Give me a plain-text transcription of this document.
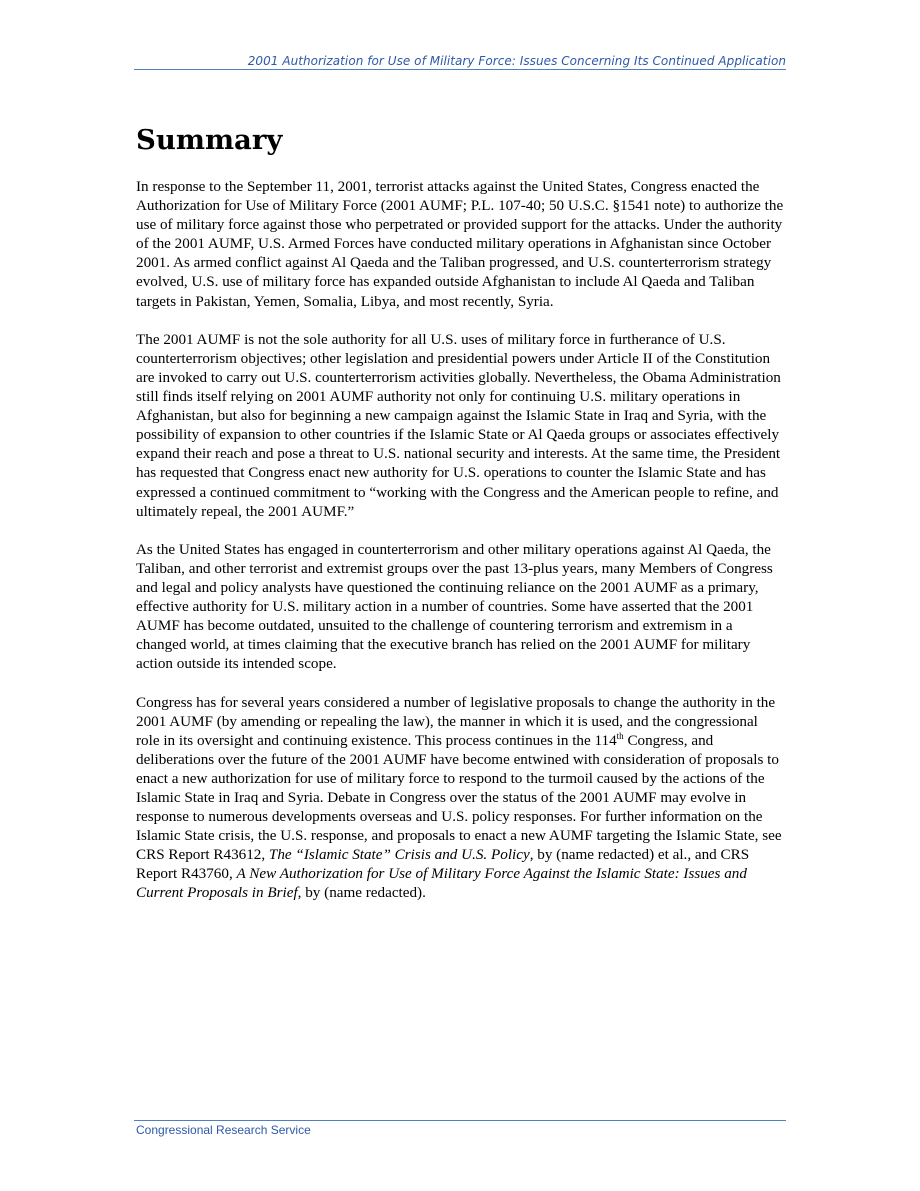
2001 Authorization for Use of Military Force: Issues Concerning Its Continued Application
Summary

In response to the September 11, 2001, terrorist attacks against the United States, Congress enacted the Authorization for Use of Military Force (2001 AUMF; P.L. 107-40; 50 U.S.C. §1541 note) to authorize the use of military force against those who perpetrated or provided support for the attacks. Under the authority of the 2001 AUMF, U.S. Armed Forces have conducted military operations in Afghanistan since October 2001. As armed conflict against Al Qaeda and the Taliban progressed, and U.S. counterterrorism strategy evolved, U.S. use of military force has expanded outside Afghanistan to include Al Qaeda and Taliban targets in Pakistan, Yemen, Somalia, Libya, and most recently, Syria.

The 2001 AUMF is not the sole authority for all U.S. uses of military force in furtherance of U.S. counterterrorism objectives; other legislation and presidential powers under Article II of the Constitution are invoked to carry out U.S. counterterrorism activities globally. Nevertheless, the Obama Administration still finds itself relying on 2001 AUMF authority not only for continuing U.S. military operations in Afghanistan, but also for beginning a new campaign against the Islamic State in Iraq and Syria, with the possibility of expansion to other countries if the Islamic State or Al Qaeda groups or associates effectively expand their reach and pose a threat to U.S. national security and interests. At the same time, the President has requested that Congress enact new authority for U.S. operations to counter the Islamic State and has expressed a continued commitment to “working with the Congress and the American people to refine, and ultimately repeal, the 2001 AUMF.”

As the United States has engaged in counterterrorism and other military operations against Al Qaeda, the Taliban, and other terrorist and extremist groups over the past 13-plus years, many Members of Congress and legal and policy analysts have questioned the continuing reliance on the 2001 AUMF as a primary, effective authority for U.S. military action in a number of countries. Some have asserted that the 2001 AUMF has become outdated, unsuited to the challenge of countering terrorism and extremism in a changed world, at times claiming that the executive branch has relied on the 2001 AUMF for military action outside its intended scope.

Congress has for several years considered a number of legislative proposals to change the authority in the 2001 AUMF (by amending or repealing the law), the manner in which it is used, and the congressional role in its oversight and continuing existence. This process continues in the 114th Congress, and deliberations over the future of the 2001 AUMF have become entwined with consideration of proposals to enact a new authorization for use of military force to respond to the turmoil caused by the actions of the Islamic State in Iraq and Syria. Debate in Congress over the status of the 2001 AUMF may evolve in response to numerous developments overseas and U.S. policy responses. For further information on the Islamic State crisis, the U.S. response, and proposals to enact a new AUMF targeting the Islamic State, see CRS Report R43612, The “Islamic State” Crisis and U.S. Policy, by (name redacted) et al., and CRS Report R43760, A New Authorization for Use of Military Force Against the Islamic State: Issues and Current Proposals in Brief, by (name redacted).

Congressional Research Service
